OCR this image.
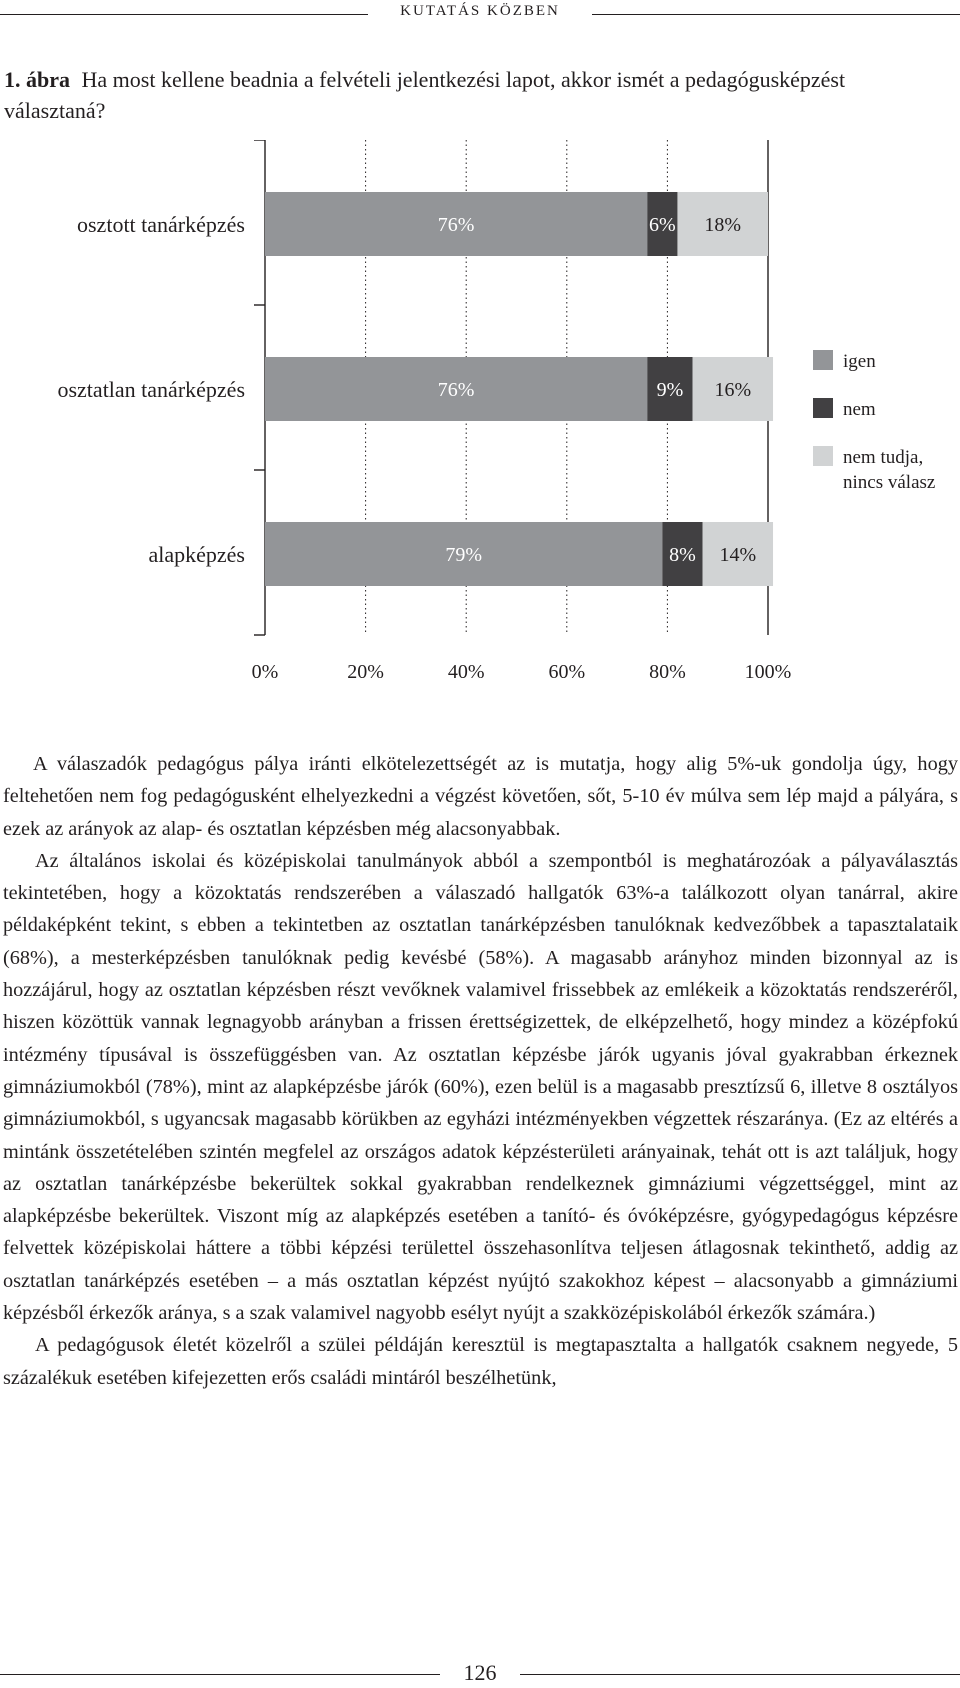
KUTATÁS KÖZBEN
1. ábra Ha most kellene beadnia a felvételi jelentkezési lapot, akkor ismét a pedagógusképzést választaná?
0%	20%	40%	60%	80%	100%
osztott tanárképzés	76%	6% 18%
osztatlan tanárképzés	76%	9% 16%
alapképzés	79%	8% 14%
igen
nem
nem tudja, nincs válasz

A válaszadók pedagógus pálya iránti elkötelezettségét az is mutatja, hogy alig 5%-uk gondolja úgy, hogy feltehetően nem fog pedagógusként elhelyezkedni a végzést követően, sőt, 5-10 év múlva sem lép majd a pályára, s ezek az arányok az alap- és osztatlan képzésben még alacsonyabbak.

Az általános iskolai és középiskolai tanulmányok abból a szempontból is meghatározóak a pályaválasztás tekintetében, hogy a közoktatás rendszerében a válaszadó hallgatók 63%-a találkozott olyan tanárral, akire példaképként tekint, s ebben a tekintetben az osztatlan tanárképzésben tanulóknak kedvezőbbek a tapasztalataik (68%), a mesterképzésben tanulóknak pedig kevésbé (58%). A magasabb arányhoz minden bizonnyal az is hozzájárul, hogy az osztatlan képzésben részt vevőknek valamivel frissebbek az emlékeik a közoktatás rendszeréről, hiszen közöttük vannak legnagyobb arányban a frissen érettségizettek, de elképzelhető, hogy mindez a középfokú intézmény típusával is összefüggésben van. Az osztatlan képzésbe járók ugyanis jóval gyakrabban érkeznek gimnáziumokból (78%), mint az alapképzésbe járók (60%), ezen belül is a magasabb presztízsű 6, illetve 8 osztályos gimnáziumokból, s ugyancsak magasabb körükben az egyházi intézményekben végzettek részaránya. (Ez az eltérés a mintánk összetételében szintén megfelel az országos adatok képzésterületi arányainak, tehát ott is azt találjuk, hogy az osztatlan tanárképzésbe bekerültek sokkal gyakrabban rendelkeznek gimnáziumi végzettséggel, mint az alapképzésbe bekerültek. Viszont míg az alapképzés esetében a tanító- és óvóképzésre, gyógypedagógus képzésre felvettek középiskolai háttere a többi képzési területtel összehasonlítva teljesen átlagosnak tekinthető, addig az osztatlan tanárképzés esetében – a más osztatlan képzést nyújtó szakokhoz képest – alacsonyabb a gimnáziumi képzésből érkezők aránya, s a szak valamivel nagyobb esélyt nyújt a szakközépiskolából érkezők számára.)

A pedagógusok életét közelről a szülei példáján keresztül is megtapasztalta a hallgatók csaknem negyede, 5 százalékuk esetében kifejezetten erős családi mintáról beszélhetünk,

126
